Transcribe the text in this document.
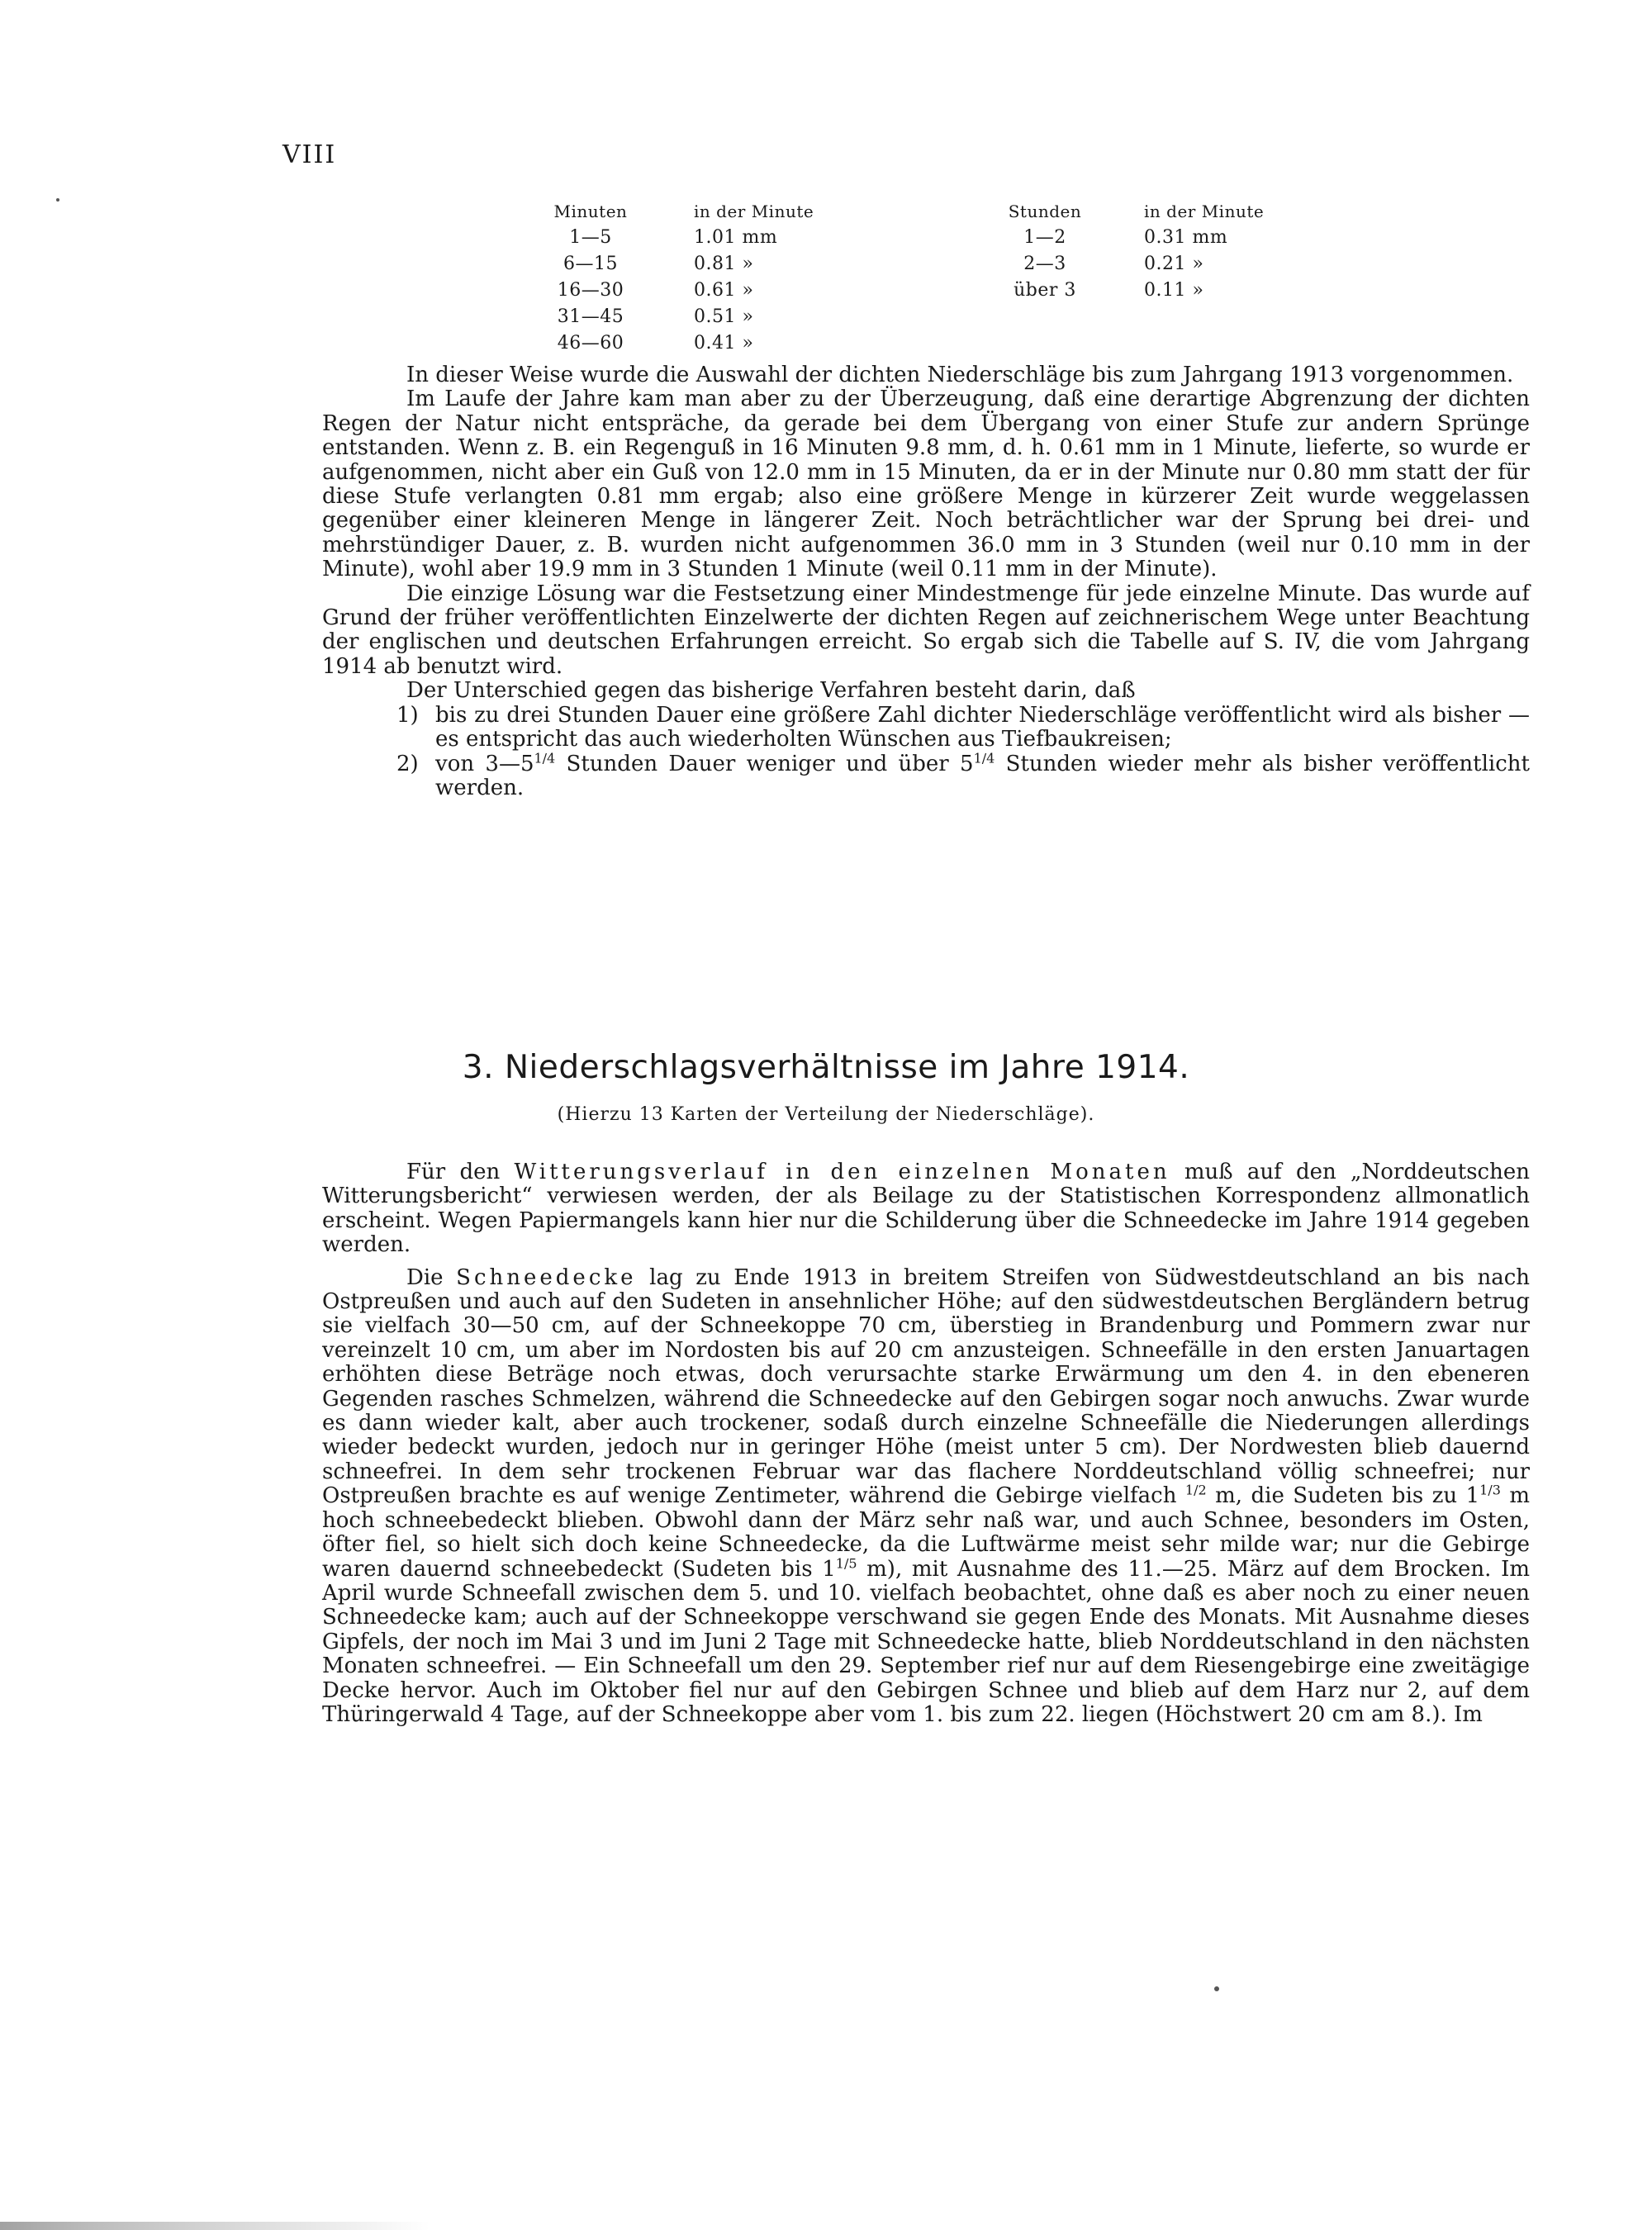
VIII
Minuten	in der Minute
1—5	1.01 mm
6—15	0.81 »
16—30	0.61 »
31—45	0.51 »
46—60	0.41 »
Stunden	in der Minute
1—2	0.31 mm
2—3	0.21 »
über 3	0.11 »

In dieser Weise wurde die Auswahl der dichten Niederschläge bis zum Jahrgang 1913 vorgenommen.

Im Laufe der Jahre kam man aber zu der Überzeugung, daß eine derartige Abgrenzung der dichten Regen der Natur nicht entspräche, da gerade bei dem Übergang von einer Stufe zur andern Sprünge entstanden. Wenn z. B. ein Regenguß in 16 Minuten 9.8 mm, d. h. 0.61 mm in 1 Minute, lieferte, so wurde er aufgenommen, nicht aber ein Guß von 12.0 mm in 15 Minuten, da er in der Minute nur 0.80 mm statt der für diese Stufe verlangten 0.81 mm ergab; also eine größere Menge in kürzerer Zeit wurde weggelassen gegenüber einer kleineren Menge in längerer Zeit. Noch beträchtlicher war der Sprung bei drei- und mehrstündiger Dauer, z. B. wurden nicht aufgenommen 36.0 mm in 3 Stunden (weil nur 0.10 mm in der Minute), wohl aber 19.9 mm in 3 Stunden 1 Minute (weil 0.11 mm in der Minute).

Die einzige Lösung war die Festsetzung einer Mindestmenge für jede einzelne Minute. Das wurde auf Grund der früher veröffentlichten Einzelwerte der dichten Regen auf zeichnerischem Wege unter Beachtung der englischen und deutschen Erfahrungen erreicht. So ergab sich die Tabelle auf S. IV, die vom Jahrgang 1914 ab benutzt wird.

Der Unterschied gegen das bisherige Verfahren besteht darin, daß

1) bis zu drei Stunden Dauer eine größere Zahl dichter Niederschläge veröffentlicht wird als bisher — es entspricht das auch wiederholten Wünschen aus Tiefbaukreisen;
2) von $3—5^{1/4}$ Stunden Dauer weniger und über $5^{1/4}$ Stunden wieder mehr als bisher veröffentlicht werden.
3. Niederschlagsverhältnisse im Jahre 1914.
(Hierzu 13 Karten der Verteilung der Niederschläge).

Für den Witterungsverlauf in den einzelnen Monaten muß auf den „Norddeutschen Witterungsbericht“ verwiesen werden, der als Beilage zu der Statistischen Korrespondenz allmonatlich erscheint. Wegen Papiermangels kann hier nur die Schilderung über die Schneedecke im Jahre 1914 gegeben werden.

Die Schneedecke lag zu Ende 1913 in breitem Streifen von Südwestdeutschland an bis nach Ostpreußen und auch auf den Sudeten in ansehnlicher Höhe; auf den südwestdeutschen Bergländern betrug sie vielfach 30—50 cm, auf der Schneekoppe 70 cm, überstieg in Brandenburg und Pommern zwar nur vereinzelt 10 cm, um aber im Nordosten bis auf 20 cm anzusteigen. Schneefälle in den ersten Januartagen erhöhten diese Beträge noch etwas, doch verursachte starke Erwärmung um den 4. in den ebeneren Gegenden rasches Schmelzen, während die Schneedecke auf den Gebirgen sogar noch anwuchs. Zwar wurde es dann wieder kalt, aber auch trockener, sodaß durch einzelne Schneefälle die Niederungen allerdings wieder bedeckt wurden, jedoch nur in geringer Höhe (meist unter 5 cm). Der Nordwesten blieb dauernd schneefrei. In dem sehr trockenen Februar war das flachere Norddeutschland völlig schneefrei; nur Ostpreußen brachte es auf wenige Zentimeter, während die Gebirge vielfach $^{1/2}$ m, die Sudeten bis zu $1^{1/3}$ m hoch schneebedeckt blieben. Obwohl dann der März sehr naß war, und auch Schnee, besonders im Osten, öfter fiel, so hielt sich doch keine Schneedecke, da die Luftwärme meist sehr milde war; nur die Gebirge waren dauernd schneebedeckt (Sudeten bis $1^{1/5}$ m), mit Ausnahme des 11.—25. März auf dem Brocken. Im April wurde Schneefall zwischen dem 5. und 10. vielfach beobachtet, ohne daß es aber noch zu einer neuen Schneedecke kam; auch auf der Schneekoppe verschwand sie gegen Ende des Monats. Mit Ausnahme dieses Gipfels, der noch im Mai 3 und im Juni 2 Tage mit Schneedecke hatte, blieb Norddeutschland in den nächsten Monaten schneefrei. — Ein Schneefall um den 29. September rief nur auf dem Riesengebirge eine zweitägige Decke hervor. Auch im Oktober fiel nur auf den Gebirgen Schnee und blieb auf dem Harz nur 2, auf dem Thüringerwald 4 Tage, auf der Schneekoppe aber vom 1. bis zum 22. liegen (Höchstwert 20 cm am 8.). Im
